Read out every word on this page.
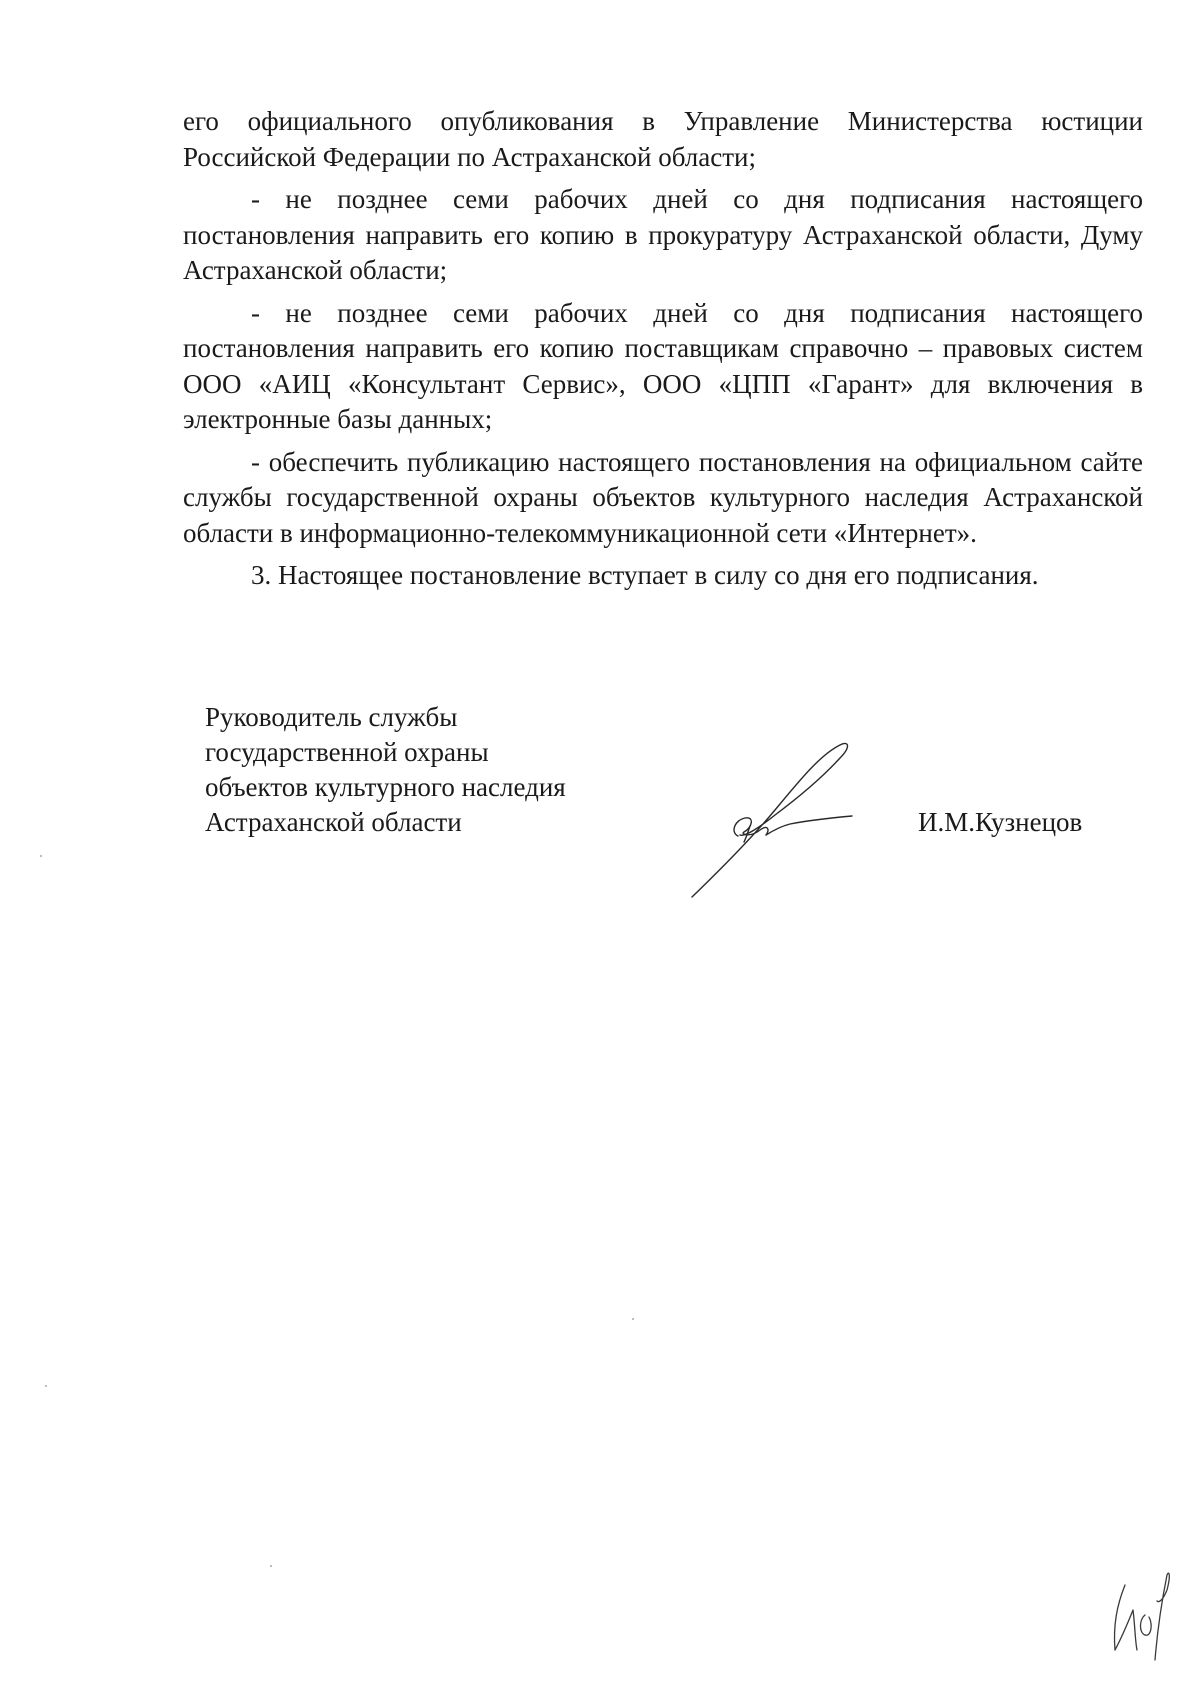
его официального опубликования в Управление Министерства юстиции Российской Федерации по Астраханской области;

- не позднее семи рабочих дней со дня подписания настоящего постановления направить его копию в прокуратуру Астраханской области, Думу Астраханской области;

- не позднее семи рабочих дней со дня подписания настоящего постановления направить его копию поставщикам справочно – правовых систем ООО «АИЦ «Консультант Сервис», ООО «ЦПП «Гарант» для включения в электронные базы данных;

- обеспечить публикацию настоящего постановления на официальном сайте службы государственной охраны объектов культурного наследия Астраханской области в информационно-телекоммуникационной сети «Интернет».

3. Настоящее постановление вступает в силу со дня его подписания.

Руководитель службы
государственной охраны
объектов культурного наследия
Астраханской области	И.М.Кузнецов
